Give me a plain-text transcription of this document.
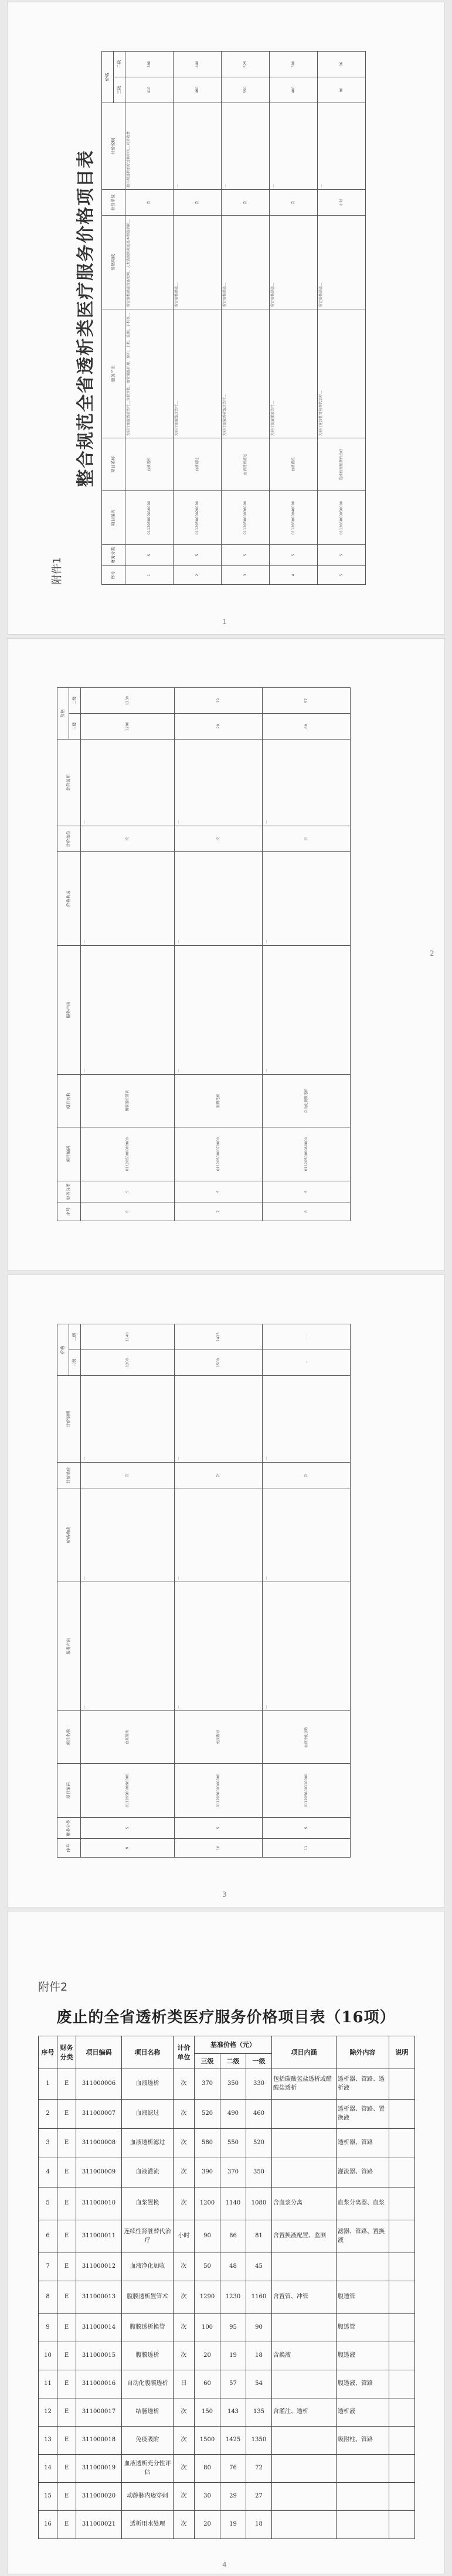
附件1
整合规范全省透析类医疗服务价格项目表
序号	财务分类	项目编码	项目名称	服务产出	价格构成	计价单位	计价说明	价格	
								三级	二级
1	S	011205000010000	血液透析	为进行血液透析治疗…包括评估、血管通路护理、预冲、上机、监测、下机等…	所定价格涵盖设备使用、人力资源消耗及基本物资消耗…	次	指开展透析治疗过程中的…可另收费	410	390
2	S	011205000020000	血液滤过	为进行血液滤过治疗…	所定价格涵盖…	次	…	460	440
3	S	011205000030000	血液透析滤过	为进行血液透析滤过治疗…	所定价格涵盖…	次	…	550	525
4	S	011205000040000	血液灌流	为进行血液灌流治疗…	所定价格涵盖…	次	…	400	380
5	S	011205000050000	连续性肾脏替代治疗	为进行连续性肾脏替代治疗…	所定价格涵盖…	小时	…	90	86
1
序号	财务分类	项目编码	项目名称	服务产出	价格构成	计价单位	计价说明	价格	
								三级	二级
6	S	011205000060000	腹膜透析置管	…	…	次	…	1290	1230
7	S	011205000070000	腹膜透析	…	…	次	…	20	19
8	S	011205000080000	自动化腹膜透析	…	…	日	…	60	57
2
序号	财务分类	项目编码	项目名称	服务产出	价格构成	计价单位	计价说明	价格	
								三级	二级
9	S	011205000090000	血浆置换	…	…	次	…	1200	1140
10	S	011205000100000	免疫吸附	…	…	次	…	1500	1425
11	S	011205000110000	血液净化加收	…	…	次	…	…	…
3
附件2
废止的全省透析类医疗服务价格项目表（16项）
序号	财务分类	项目编码	项目名称	计价单位	基准价格（元）			项目内涵	除外内容	说明
					三级	二级	一级			
1	E	311000006	血液透析	次	370	350	330	包括碳酸氢盐透析或醋酸盐透析	透析器、管路、透析液	
2	E	311000007	血液滤过	次	520	490	460		透析器、管路、置换液	
3	E	311000008	血液透析滤过	次	580	550	520		透析器、管路	
4	E	311000009	血液灌流	次	390	370	350		灌流器、管路	
5	E	311000010	血浆置换	次	1200	1140	1080	含血浆分离	血浆分离器、血浆	
6	E	311000011	连续性肾脏替代治疗	小时	90	86	81	含置换液配置、监测	滤器、管路、置换液	
7	E	311000012	血液净化加收	次	50	48	45			
8	E	311000013	腹膜透析置管术	次	1290	1230	1160	含置管、冲管	腹透管	
9	E	311000014	腹膜透析换管	次	100	95	90		腹透管	
10	E	311000015	腹膜透析	次	20	19	18	含换液	腹透液	
11	E	311000016	自动化腹膜透析	日	60	57	54		腹透液、管路	
12	E	311000017	结肠透析	次	150	143	135	含灌注、透析	透析液	
13	E	311000018	免疫吸附	次	1500	1425	1350		吸附柱、管路	
14	E	311000019	血液透析充分性评估	次	80	76	72			
15	E	311000020	动静脉内瘘穿刺	次	30	29	27			
16	E	311000021	透析用水处理	次	20	19	18			
4
